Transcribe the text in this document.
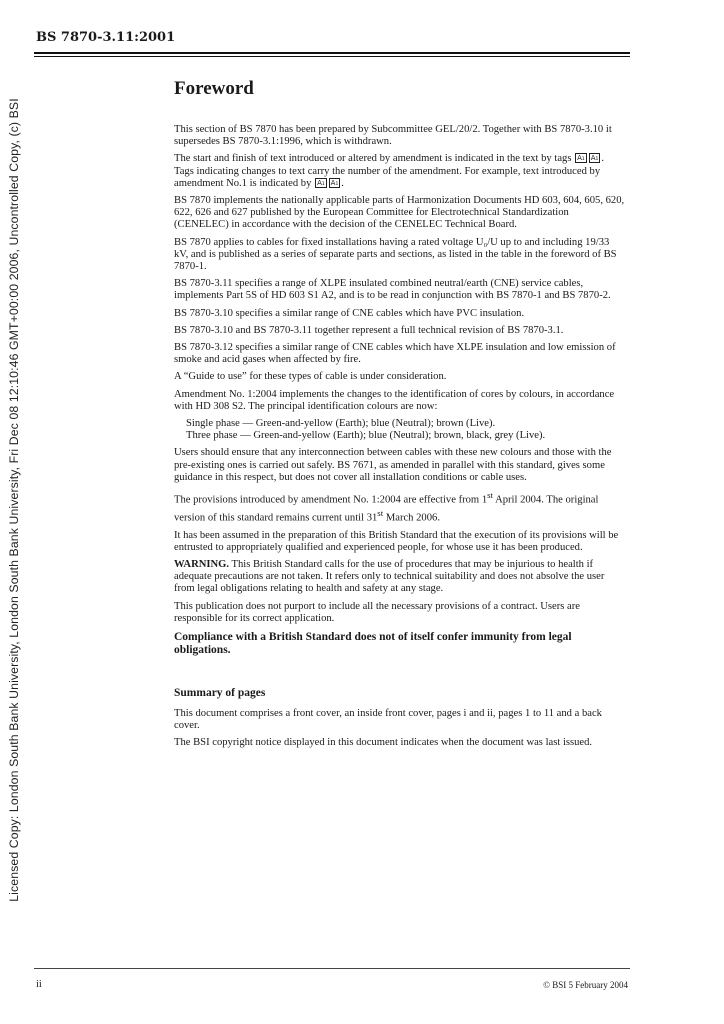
Licensed Copy: London South Bank University, London South Bank University, Fri Dec 08 12:10:46 GMT+00:00 2006, Uncontrolled Copy, (c) BSI
BS 7870-3.11:2001
Foreword

This section of BS 7870 has been prepared by Subcommittee GEL/20/2. Together with BS 7870-3.10 it supersedes BS 7870-3.1:1996, which is withdrawn.

The start and finish of text introduced or altered by amendment is indicated in the text by tags A₁ A₁ . Tags indicating changes to text carry the number of the amendment. For example, text introduced by amendment No.1 is indicated by A₁ A₁ .

BS 7870 implements the nationally applicable parts of Harmonization Documents HD 603, 604, 605, 620, 622, 626 and 627 published by the European Committee for Electrotechnical Standardization (CENELEC) in accordance with the decision of the CENELEC Technical Board.

BS 7870 applies to cables for fixed installations having a rated voltage U₀/U up to and including 19/33 kV, and is published as a series of separate parts and sections, as listed in the table in the foreword of BS 7870-1.

BS 7870-3.11 specifies a range of XLPE insulated combined neutral/earth (CNE) service cables, implements Part 5S of HD 603 S1 A2, and is to be read in conjunction with BS 7870-1 and BS 7870-2.

BS 7870-3.10 specifies a similar range of CNE cables which have PVC insulation.

BS 7870-3.10 and BS 7870-3.11 together represent a full technical revision of BS 7870-3.1.

BS 7870-3.12 specifies a similar range of CNE cables which have XLPE insulation and low emission of smoke and acid gases when affected by fire.

A “Guide to use” for these types of cable is under consideration.

Amendment No. 1:2004 implements the changes to the identification of cores by colours, in accordance with HD 308 S2. The principal identification colours are now:

Single phase — Green-and-yellow (Earth); blue (Neutral); brown (Live).
Three phase — Green-and-yellow (Earth); blue (Neutral); brown, black, grey (Live).

Users should ensure that any interconnection between cables with these new colours and those with the pre-existing ones is carried out safely. BS 7671, as amended in parallel with this standard, gives some guidance in this respect, but does not cover all installation conditions or cable uses.

The provisions introduced by amendment No. 1:2004 are effective from 1st April 2004. The original version of this standard remains current until 31st March 2006.

It has been assumed in the preparation of this British Standard that the execution of its provisions will be entrusted to appropriately qualified and experienced people, for whose use it has been produced.

WARNING. This British Standard calls for the use of procedures that may be injurious to health if adequate precautions are not taken. It refers only to technical suitability and does not absolve the user from legal obligations relating to health and safety at any stage.

This publication does not purport to include all the necessary provisions of a contract. Users are responsible for its correct application.

Compliance with a British Standard does not of itself confer immunity from legal obligations.

Summary of pages

This document comprises a front cover, an inside front cover, pages i and ii, pages 1 to 11 and a back cover.

The BSI copyright notice displayed in this document indicates when the document was last issued.

ii	© BSI 5 February 2004
